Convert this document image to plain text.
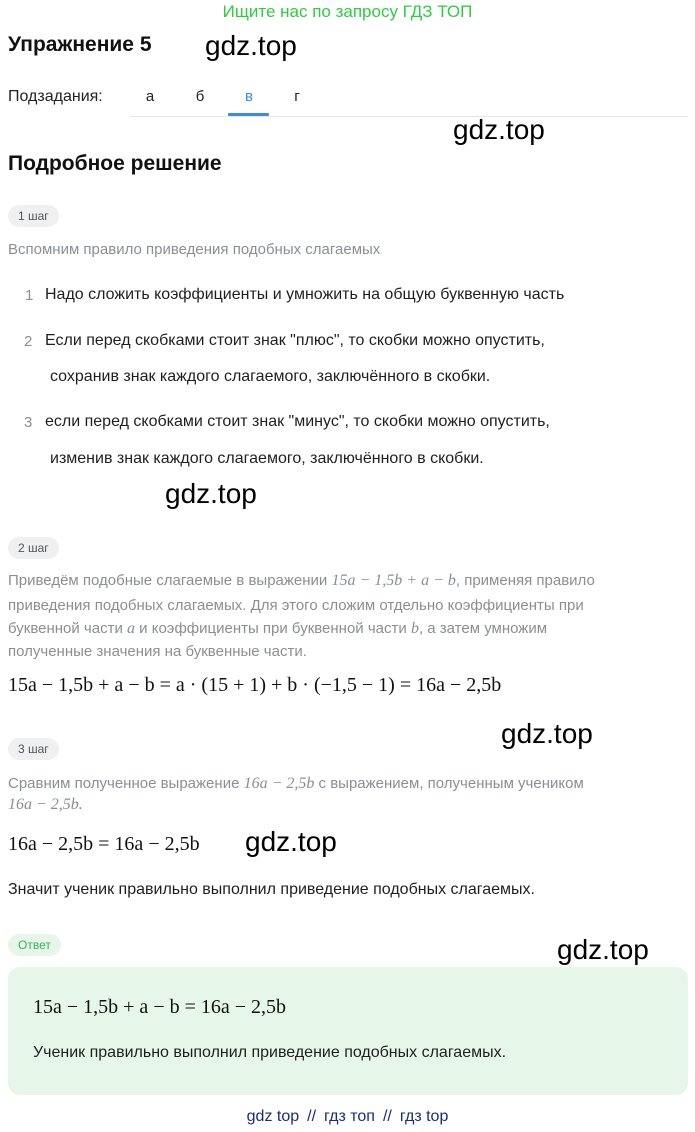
Ищите нас по запросу ГДЗ ТОП
Упражнение 5 gdz.top
Подзадания:	а	б	в	г
gdz.top
Подробное решение
1 шаг
Вспомним правило приведения подобных слагаемых
1 Надо сложить коэффициенты и умножить на общую буквенную часть
2 Если перед скобками стоит знак "плюс", то скобки можно опустить,
сохранив знак каждого слагаемого, заключённого в скобки.
3 если перед скобками стоит знак "минус", то скобки можно опустить,
изменив знак каждого слагаемого, заключённого в скобки.
gdz.top
2 шаг
Приведём подобные слагаемые в выражении 15a − 1,5b + a − b, применяя правило
приведения подобных слагаемых. Для этого сложим отдельно коэффициенты при
буквенной части a и коэффициенты при буквенной части b, а затем умножим
полученные значения на буквенные части.
15a − 1,5b + a − b = a · (15 + 1) + b · (−1,5 − 1) = 16a − 2,5b
gdz.top
3 шаг
Сравним полученное выражение 16a − 2,5b с выражением, полученным учеником
16a − 2,5b.
16a − 2,5b = 16a − 2,5b gdz.top
Значит ученик правильно выполнил приведение подобных слагаемых.
Ответ	gdz.top
15a − 1,5b + a − b = 16a − 2,5b
Ученик правильно выполнил приведение подобных слагаемых.
gdz top // гдз топ // гдз top
